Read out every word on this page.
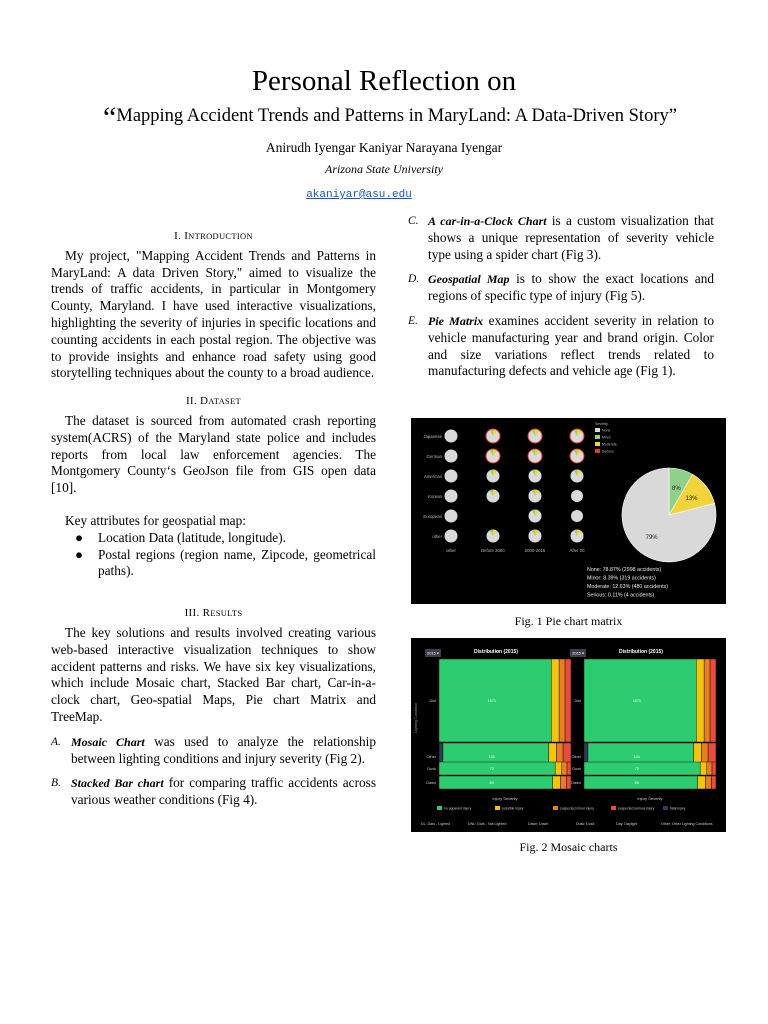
Personal Reflection on
“Mapping Accident Trends and Patterns in MaryLand: A Data-Driven Story”
Anirudh Iyengar Kaniyar Narayana Iyengar
Arizona State University
akaniyar@asu.edu
I. INTRODUCTION

My project, "Mapping Accident Trends and Patterns in MaryLand: A data Driven Story," aimed to visualize the trends of traffic accidents, in particular in Montgomery County, Maryland. I have used interactive visualizations, highlighting the severity of injuries in specific locations and counting accidents in each postal region. The objective was to provide insights and enhance road safety using good storytelling techniques about the county to a broad audience.

II. DATASET

The dataset is sourced from automated crash reporting system(ACRS) of the Maryland state police and includes reports from local law enforcement agencies. The Montgomery County‘s GeoJson file from GIS open data [10].

Key attributes for geospatial map:

● Location Data (latitude, longitude).
● Postal regions (region name, Zipcode, geometrical paths).
III. RESULTS

The key solutions and results involved creating various web-based interactive visualization techniques to show accident patterns and risks. We have six key visualizations, which include Mosaic chart, Stacked Bar chart, Car-in-a-clock chart, Geo-spatial Maps, Pie chart Matrix and TreeMap.

A. Mosaic Chart was used to analyze the relationship between lighting conditions and injury severity (Fig 2).
B. Stacked Bar chart for comparing traffic accidents across various weather conditions (Fig 4).
C. A car-in-a-Clock Chart is a custom visualization that shows a unique representation of severity vehicle type using a spider chart (Fig 3).
D. Geospatial Map is to show the exact locations and regions of specific type of injury (Fig 5).
E. Pie Matrix examines accident severity in relation to vehicle manufacturing year and brand origin. Color and size variations reflect trends related to manufacturing defects and vehicle age (Fig 1).
Japanese
German
American
Korean
European
other
other	Before 2000	2000-2015	After 20
Severity
None
Minor
Moderate
Serious
8%
13%
79%
None: 78.87% (2998 accidents)
Minor: 8.39% (319 accidents)
Moderate: 12.63% (480 accidents)
Serious: 0.11% (4 accidents)
Fig. 1 Pie chart matrix
2015 ▾	Distribution (2015)
Dist	1671
Other	101
Dusk	72
Dawn	69
Injury Severity
2015 ▾	Distribution (2015)
Dist	1671
Other	101
Dusk	72
Dawn	69
Injury Severity
Lighting Condition
no apparent injury	possible injury	suspected minor injury	suspected serious injury	fatal injury
DL: Dark - Lighted	DNL: Dark - Not Lighted	Dawn: Dawn	Dusk: Dusk	Day: Daylight	Other: Other Lighting Conditions
Fig. 2 Mosaic charts
